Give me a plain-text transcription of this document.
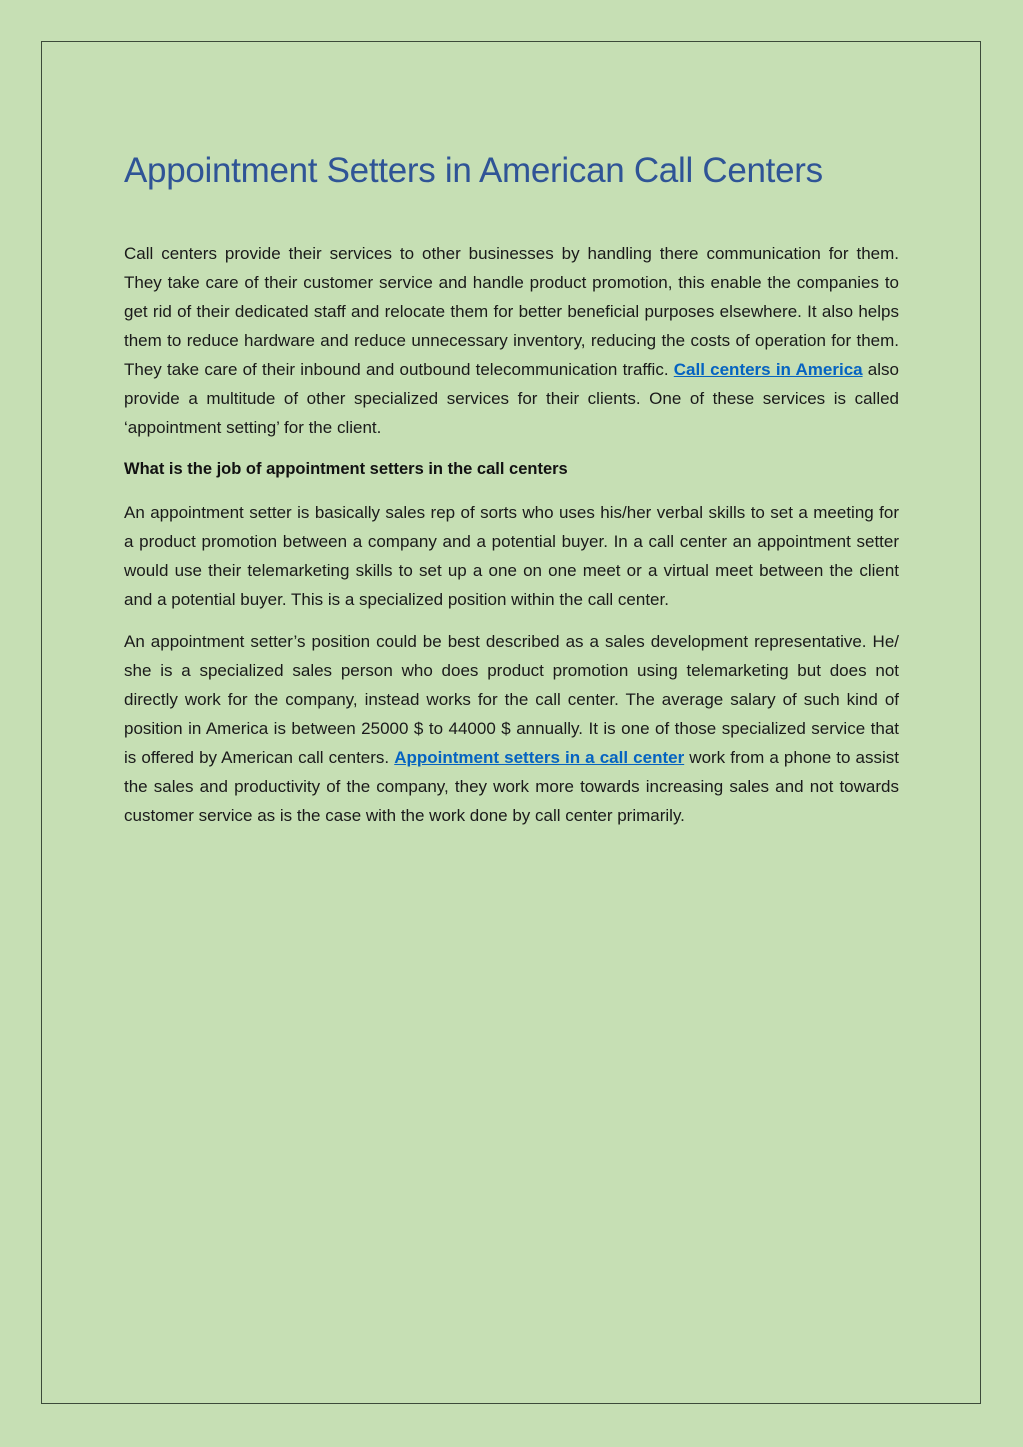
Appointment Setters in American Call Centers

Call centers provide their services to other businesses by handling there communication for them. They take care of their customer service and handle product promotion, this enable the companies to get rid of their dedicated staff and relocate them for better beneficial purposes elsewhere. It also helps them to reduce hardware and reduce unnecessary inventory, reducing the costs of operation for them. They take care of their inbound and outbound telecommunication traffic. Call centers in America also provide a multitude of other specialized services for their clients. One of these services is called ‘appointment setting’ for the client.

What is the job of appointment setters in the call centers

An appointment setter is basically sales rep of sorts who uses his/her verbal skills to set a meeting for a product promotion between a company and a potential buyer. In a call center an appointment setter would use their telemarketing skills to set up a one on one meet or a virtual meet between the client and a potential buyer. This is a specialized position within the call center.

An appointment setter’s position could be best described as a sales development representative. He/ she is a specialized sales person who does product promotion using telemarketing but does not directly work for the company, instead works for the call center. The average salary of such kind of position in America is between 25000 $ to 44000 $ annually. It is one of those specialized service that is offered by American call centers. Appointment setters in a call center work from a phone to assist the sales and productivity of the company, they work more towards increasing sales and not towards customer service as is the case with the work done by call center primarily.
